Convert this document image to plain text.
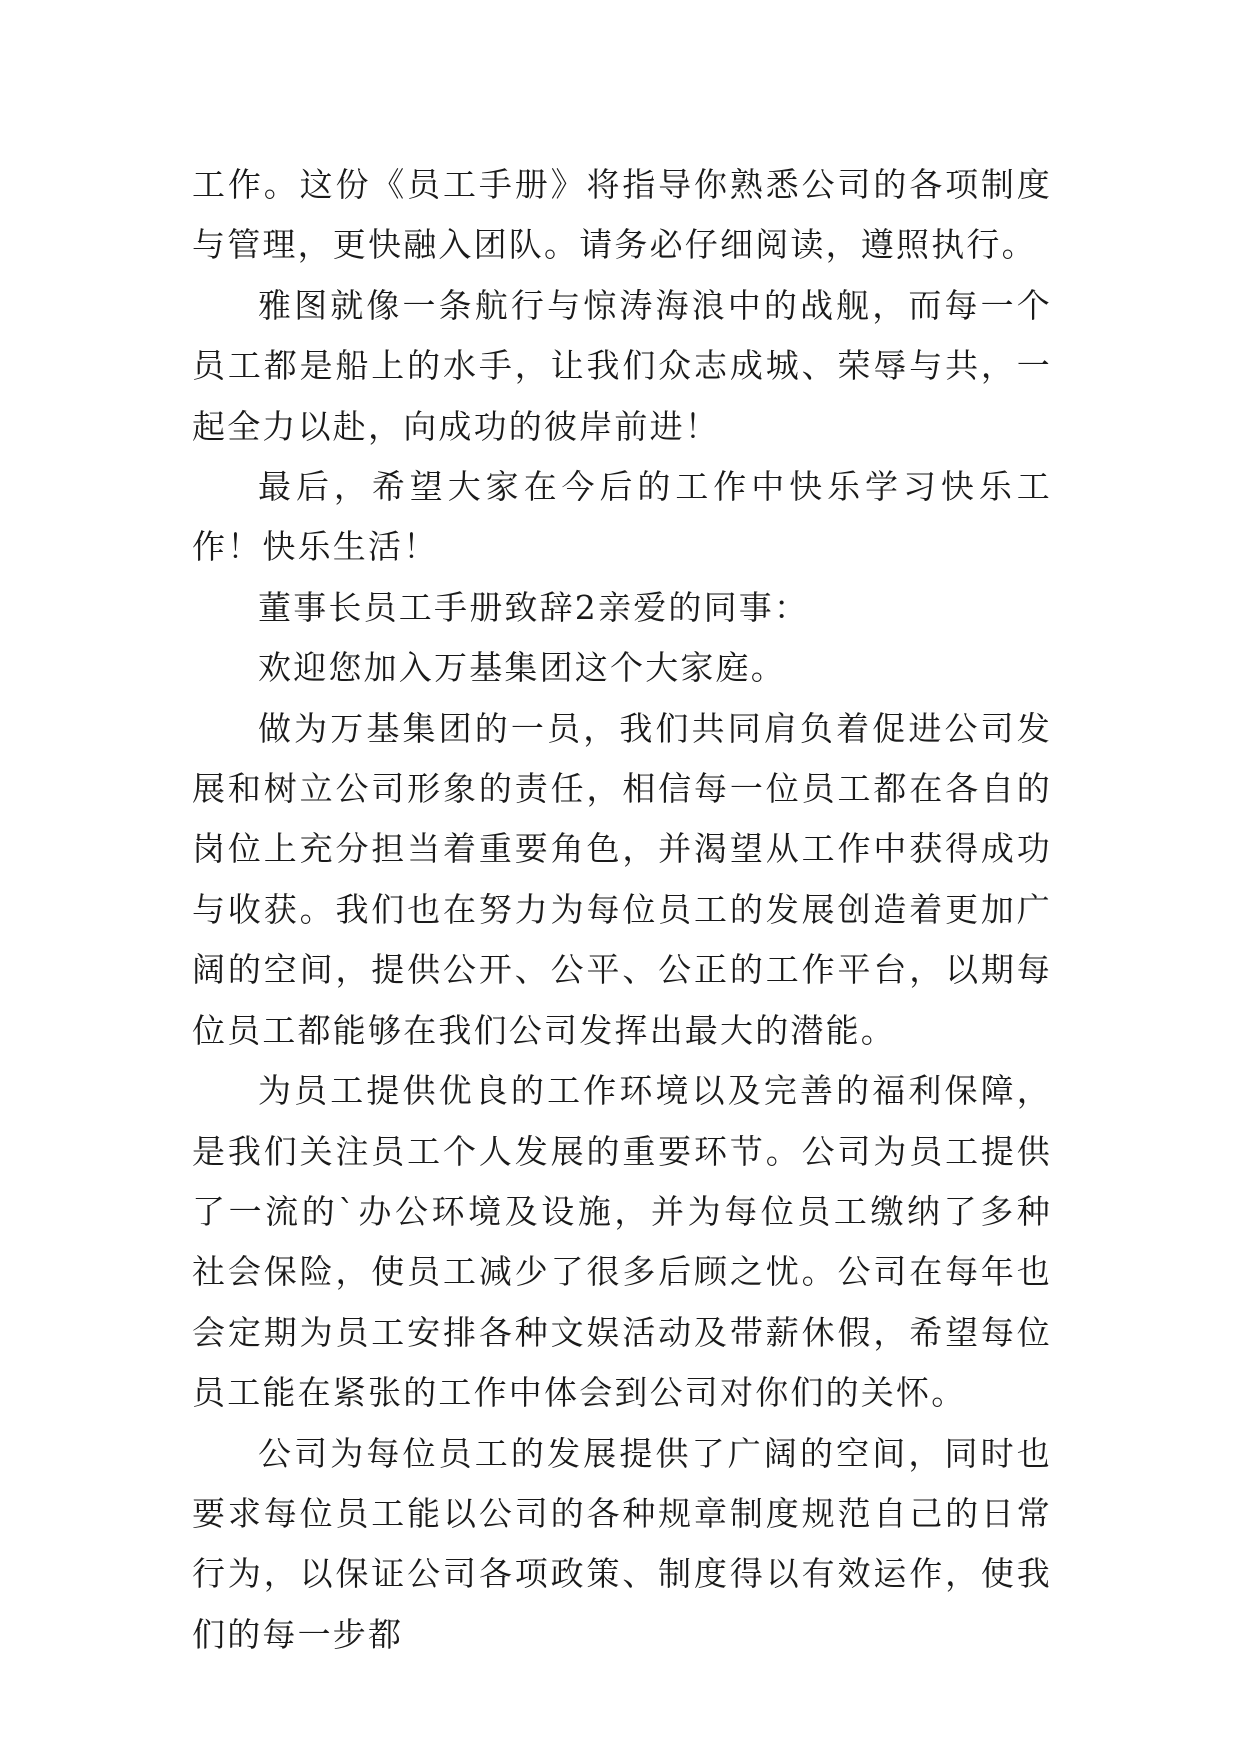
工作。这份《员工手册》将指导你熟悉公司的各项制度与管理，更快融入团队。请务必仔细阅读，遵照执行。

雅图就像一条航行与惊涛海浪中的战舰，而每一个员工都是船上的水手，让我们众志成城、荣辱与共，一起全力以赴，向成功的彼岸前进！

最后，希望大家在今后的工作中快乐学习快乐工作！快乐生活！

董事长员工手册致辞2亲爱的同事：

欢迎您加入万基集团这个大家庭。

做为万基集团的一员，我们共同肩负着促进公司发展和树立公司形象的责任，相信每一位员工都在各自的岗位上充分担当着重要角色，并渴望从工作中获得成功与收获。我们也在努力为每位员工的发展创造着更加广阔的空间，提供公开、公平、公正的工作平台，以期每位员工都能够在我们公司发挥出最大的潜能。

为员工提供优良的工作环境以及完善的福利保障，是我们关注员工个人发展的重要环节。公司为员工提供了一流的`办公环境及设施，并为每位员工缴纳了多种社会保险，使员工减少了很多后顾之忧。公司在每年也会定期为员工安排各种文娱活动及带薪休假，希望每位员工能在紧张的工作中体会到公司对你们的关怀。

公司为每位员工的发展提供了广阔的空间，同时也要求每位员工能以公司的各种规章制度规范自己的日常行为，以保证公司各项政策、制度得以有效运作，使我们的每一步都
